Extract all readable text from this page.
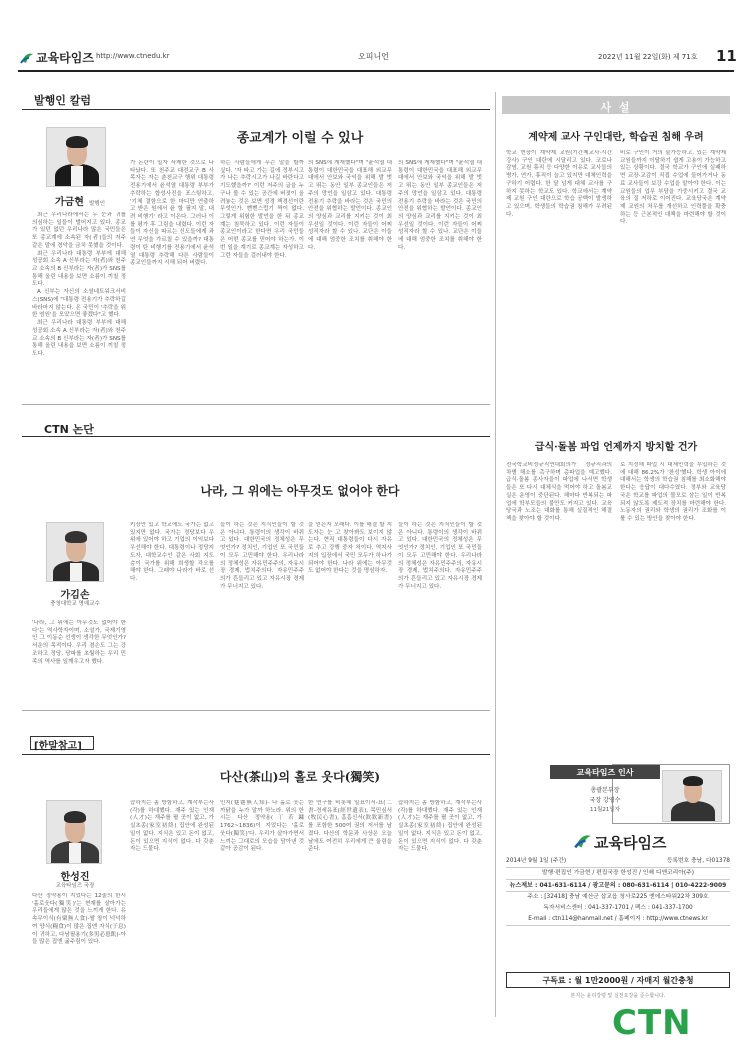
교육타임즈 http://www.ctnedu.kr	오피니언	2022년 11월 22일(화) 제 71호 11
발행인 칼럼
종교계가 이럴 수 있나
가금현 발행인

최근 우리나라에서는 두 눈과 귀를 의심하는 일들이 벌어지고 있다. 종교가 있던 없던 우리나라 많은 국민들은 또 종교계에 소속된 자(者)들의 저주 같은 말에 경악을 금치 못했을 것이다.

최근 우리나라 대통령 부부에 대해 성공회 소속 A 신부라는 자(者)와 천주교 소속의 B 신부라는 자(者)가 SNS를 통해 올린 내용을 보면 소름이 끼칠 정도다.

A 신부는 자신의 소셜네트워크서비스(SNS)에 "대통령 전용기가 추락하길 바라마지 않는다. 온 국민이 '추락을 위한 염원'을 모았으면 좋겠다"고 했다.

최근 우리나라 대통령 부부에 대해 성공회 소속 A 신부라는 자(者)와 천주교 소속의 B 신부라는 자(者)가 SNS를 통해 올린 내용을 보면 소름이 끼칠 정도다.

가 논란이 일자 삭제한 것으로 나타났다. 또 천주교 대전교구 B 사목자는 자는 춘천교구 행위 대통령 전용기에서 윤석열 대통령 부부가 추락하는 합성사진을 포스팅하고, '기체 결함으로 한 마디만 연출하고 받은 원에서 윤 할 필지 말, 내려 비행기' 라고 이은다. 그러나 이를 평가 후 그림을 내렸다. 이런 자들이 자신을 따르는 신도들에게 과연 무엇을 가르칠 수 있을까? 대통령이 탄 비행기를 전용기에서 윤석열 대통령 추락해 다른 사람들이 종교인들까지 시해 되어 버렸다.
하는 사람들에게 무슨 말을 할까 싶다. '자 타고 가는 길에 정부시고가 나는 추락시고가 나길 바란다고 기도했을까?' 이런 저주의 글을 누구나 볼 수 있는 공간에 버젓이 올려놓는 것은 보면 성경 책경선이란 무엇인가. 뻔뻔스럽기 짝이 없다. 그렇게 위험한 발언을 한 뒤 종교계는 침묵하고 있다. 이런 자들이 종교인이라고 한다면 우리 국민들은 어떤 종교를 믿어야 하는가. 이번 일을 계기로 종교계는 자성하고 그런 자들을 걸러내야 한다.
의 SNS에 게재했다"며 "윤석열 대통령이 대한민국을 대표해 외교무대에서 안보와 국익을 위해 발 벗고 뛰는 동안 일부 종교인들은 저주의 망언을 일삼고 있다. 대통령 전용기 추락을 바라는 것은 국민의 안전을 위협하는 발언이다. 종교인의 양심과 교리를 지키는 것이 최우선일 것이다. 이런 자들이 어찌 성직자라 할 수 있나. 교단은 이들에 대해 엄중한 조치를 취해야 한다.
의 SNS에 게재했다"며 "윤석열 대통령이 대한민국을 대표해 외교무대에서 안보와 국익을 위해 발 벗고 뛰는 동안 일부 종교인들은 저주의 망언을 일삼고 있다. 대통령 전용기 추락을 바라는 것은 국민의 안전을 위협하는 발언이다. 종교인의 양심과 교리를 지키는 것이 최우선일 것이다. 이런 자들이 어찌 성직자라 할 수 있나. 교단은 이들에 대해 엄중한 조치를 취해야 한다.
CTN 논단
나라, 그 위에는 아무것도 없어야 한다
가김손
충청대학교 명예교수
'나라, 그 위에는 아무것도 없어야 한다'는 역사학자이며, 소설가, 국제기영인 그 이동순 선생이 생각한 무엇인가? 서운의 목적이다. 우리 겸손도 그는 강조하고 정당, 당파를 초월하는 우리 민족의 역사를 일깨우고자 했다.
키장만 있고 학교에도 국가는 없고 있지만 없다. 국가는 정당보다 우위에 있어야 하고 기업의 이익보다 우선해야 한다. 대통령이나 정당지도자, 대학교수인 같은 사회 지도층이 국가를 위해 희생할 각오를 해야 한다. 그래야 나라가 바로 선다.
들이 하는 것은 지식인들이 할 것은 아니다. 통령이의 생각이 바뀌고 있다. 대한민국의 정체성은 무엇인가? 정치인, 기업인 또 국민들이 모두 고민해야 한다. 우리나라의 정체성은 자유민주주의, 자유시장 경제, 법치주의다. 자유민주주의가 흔들리고 있고 자유시장 경제가 무너지고 있다.
을 얻은지 오래다. 이를 해결 할 지도자는 눈 고 찾아봐도 보이지 않는다. 현직 대통령들이 다시 자유로 추고 강행 중자 처이다. 역지사지의 입장에서 국민 모두가 하나가 되어야 한다. 나라 위에는 아무것도 없어야 한다는 것을 명심하자.
들이 하는 것은 지식인들이 할 것은 아니다. 통령이의 생각이 바뀌고 있다. 대한민국의 정체성은 무엇인가? 정치인, 기업인 또 국민들이 모두 고민해야 한다. 우리나라의 정체성은 자유민주주의, 자유시장 경제, 법치주의다. 자유민주주의가 흔들리고 있고 자유시장 경제가 무너지고 있다.
[한말참고]
다산(茶山)의 홀로 웃다(獨笑)
한성진
교육타임즈 국장
다산 정약용이 지었다는 12줄의 한시 '홀로웃다(獨笑)'는 현재를 살아가는 우리들에게 많은 것을 느끼게 한다. 유속무이식(有粟無人食)-쌀 창이 넉넉하여 양식(糧食)이 많은 집엔 자식(子息)이 귀하고, 다남필용기(多男必患飢)-아들 많은 집엔 굶주림이 있다.
습하지는 좀 방함하고, 계작부는사(각)를 하대했다. 재주 있는 인재(人才)는 재주를 펼 곳이 없고, 가실초종(家室初終) 집안에 완성된 일이 없다. 지식은 있고 돈이 없고, 돈이 있으면 지식이 없다. 다 갖춘 자는 드물다.
인지(蹇蹇無人知)- 나 홀로 웃는 까닭을 누가 알까 하노라. 위의 한시는 다산 정약용(丁若鏞 1762~1836)이 지었다는 '홀로 웃다(獨笑)'다. 우리가 살아가면서 느끼는 그대로의 모습을 담아낸 것 같아 공감이 된다.
한 연구를 비롯해 일표이서-표(二書-경세유표(經世遺表), 목민심서(牧民心書), 흠흠신서(欽欽新書)를 포함한 500여 권의 저서를 남겼다. 다산의 학문과 사상은 오늘날에도 여전히 우리에게 큰 울림을 준다.
습하지는 좀 방함하고, 계작부는사(각)를 하대했다. 재주 있는 인재(人才)는 재주를 펼 곳이 없고, 가실초종(家室初終) 집안에 완성된 일이 없다. 지식은 있고 돈이 없고, 돈이 있으면 지식이 없다. 다 갖춘 자는 드물다.
사 설
계약제 교사 구인대란, 학습권 침해 우려
학교 현장이 계약제 교원(기간제교사·시간강사) 구인 대란에 시달리고 있다. 코로나 감염, 교원 휴직 등 다양한 이유로 교사들의 병가, 연가, 휴직이 늘고 있지만 대체인력을 구하기 어렵다. 한 달 넘게 대체 교사를 구하지 못하는 학교도 있다. 학교에서는 계약제 교원 구인 대란으로 학습 공백이 발생하고 있으며, 학생들의 학습권 침해가 우려된다.
비로 구인이 거의 불가능하고, 있는 계약제교원들까지 이탈하기 쉽게 고용이 가능하고 있는 상황이다. 결국 학교가 구인에 실패하면 교장·교감이 직접 수업에 들어가거나 동료 교사들이 보강 수업을 맡아야 한다. 이는 교원들의 업무 부담을 가중시키고 결국 교육의 질 저하로 이어진다. 교육당국은 계약제 교원의 처우를 개선하고 인력풀을 확충하는 등 근본적인 대책을 마련해야 할 것이다.
급식·돌봄 파업 언제까지 방치할 건가
전국학교비정규직연대회의가 정규직과의 차별 해소를 촉구하며 총파업을 예고했다. 급식·돌봄 종사자들이 파업에 나서면 학생들은 또 다시 대체식을 먹어야 하고 돌봄교실은 운영이 중단된다. 해마다 반복되는 파업에 학부모들의 불만도 커지고 있다. 교육당국과 노조는 대화를 통해 실질적인 해결책을 찾아야 할 것이다.
로 지정해 파업 시 대체인력을 투입하는 것에 대해 86.2%가 '찬성'했다. 학생 아이에 대해서는 학생의 학습권 침해를 최소화해야 한다는 응답이 대다수였다. 정부와 교육당국은 학교를 파업의 볼모로 삼는 일이 반복되지 않도록 제도적 장치를 마련해야 한다. 노동자의 권리와 학생의 권리가 조화를 이룰 수 있는 방안을 찾아야 한다.
교육타임즈 인사
총괄본부장
국장 강영수
11월21일자
교육타임즈
2014년 9월 1일 (주간)	등록번호 충남, 다01378
발행·편집인 가금현 / 편집국장 한성진 / 인쇄 디앤코리아(주)
뉴스제보 : 041-631-6114 / 광고문의 : 080-631-6114 | 010-4222-9009
주소 : [32418] 충남 예산군 삽교읍 청사로225 엔에스타워22차 309호
독자서비스센터 : 041-337-1701 / 팩스 : 041-337-1700
E-mail : ctn114@hanmail.net / 홈페이지 : http://www.ctnews.kr
구독료 : 월 1만2000원 / 자매지 월간충청
본지는 윤리강령 및 실천요강을 준수합니다.
CTN
